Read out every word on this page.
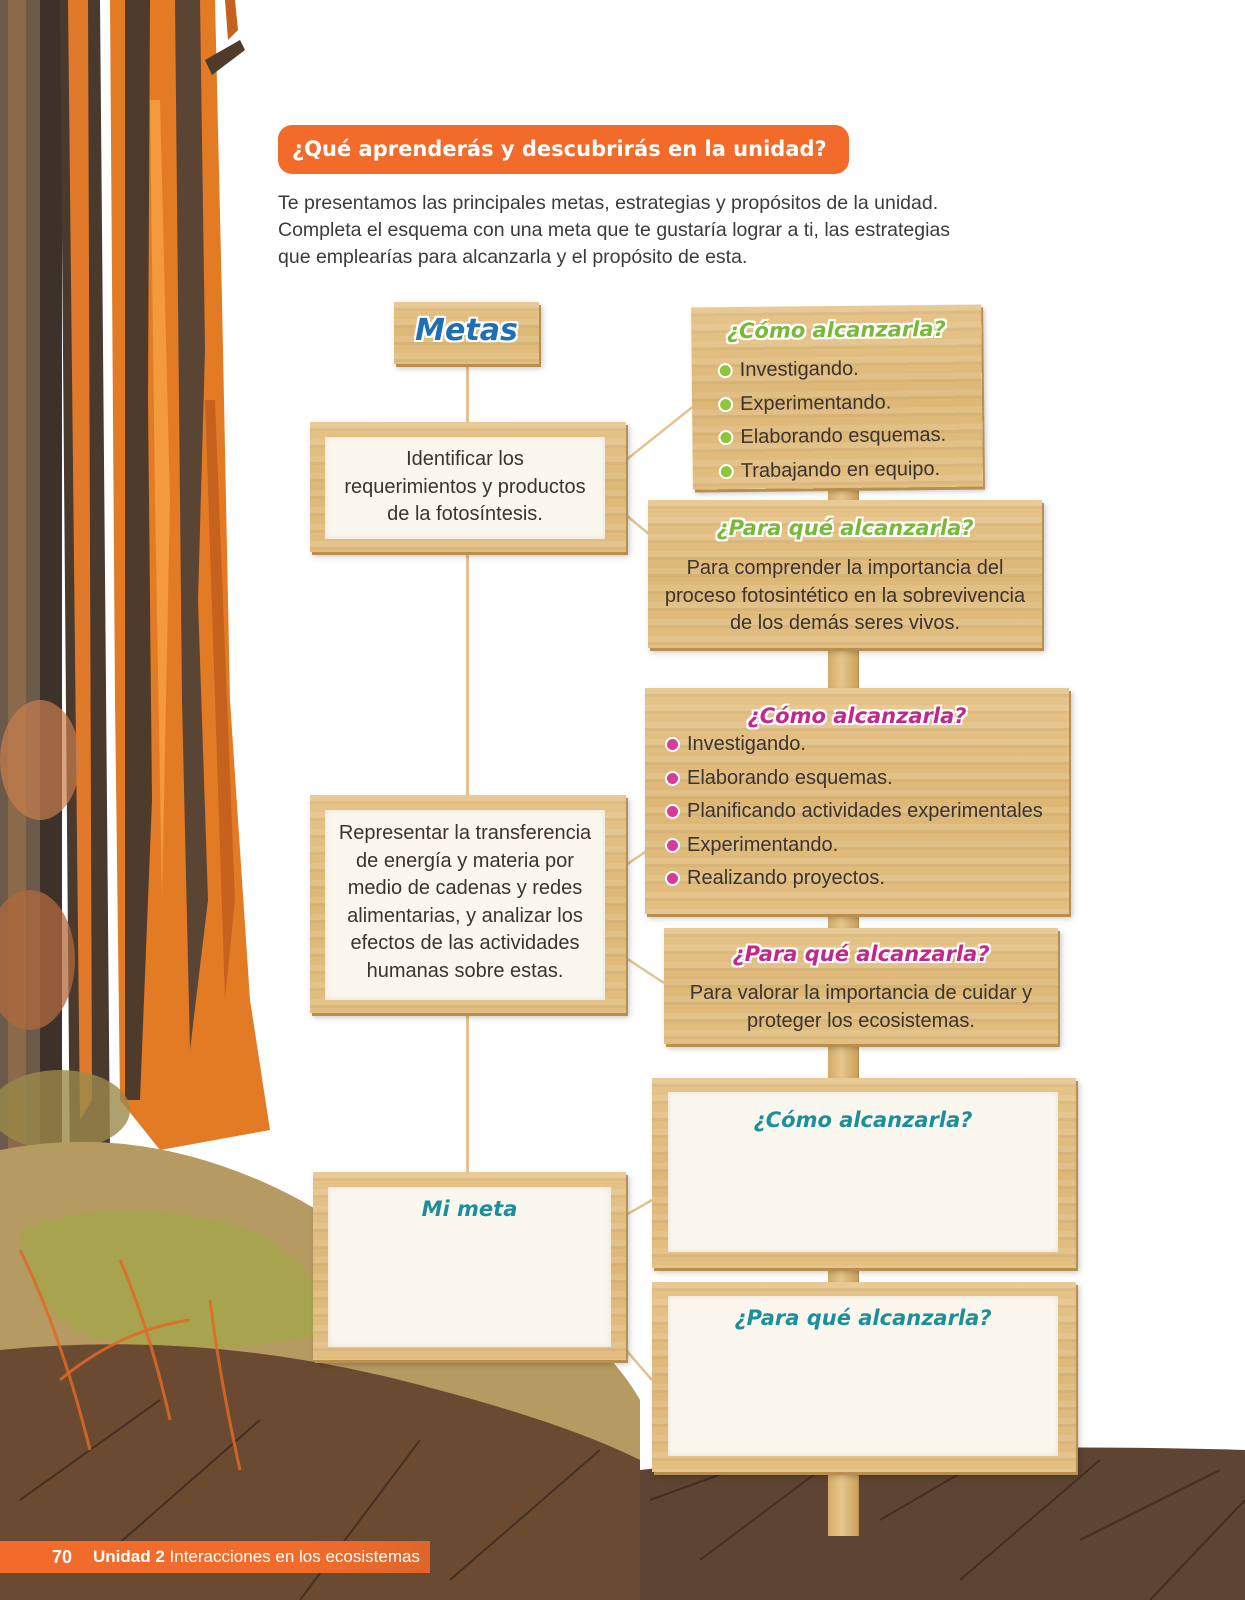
¿Qué aprenderás y descubrirás en la unidad?

Te presentamos las principales metas, estrategias y propósitos de la unidad. Completa el esquema con una meta que te gustaría lograr a ti, las estrategias que emplearías para alcanzarla y el propósito de esta.

Metas
Identificar los requerimientos y productos de la fotosíntesis.
¿Cómo alcanzarla?
Investigando.
Experimentando.
Elaborando esquemas.
Trabajando en equipo.
¿Para qué alcanzarla?
Para comprender la importancia del proceso fotosintético en la sobrevivencia de los demás seres vivos.
Representar la transferencia de energía y materia por medio de cadenas y redes alimentarias, y analizar los efectos de las actividades humanas sobre estas.
¿Cómo alcanzarla?
Investigando.
Elaborando esquemas.
Planificando actividades experimentales
Experimentando.
Realizando proyectos.
¿Para qué alcanzarla?
Para valorar la importancia de cuidar y proteger los ecosistemas.
Mi meta
¿Cómo alcanzarla?
¿Para qué alcanzarla?
70 Unidad 2 Interacciones en los ecosistemas
